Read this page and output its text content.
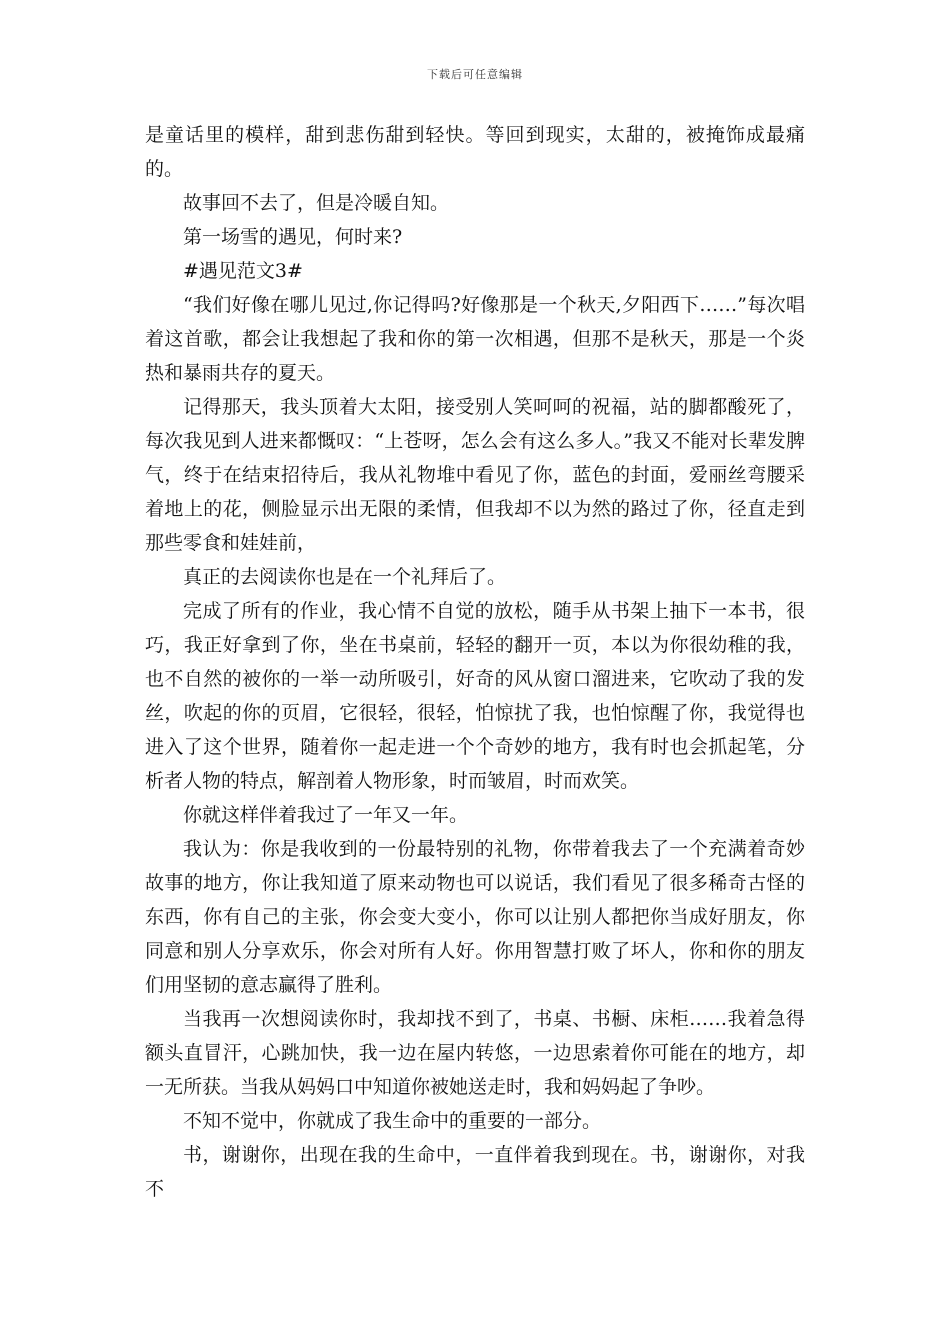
下载后可任意编辑

是童话里的模样，甜到悲伤甜到轻快。等回到现实，太甜的，被掩饰成最痛的。

故事回不去了，但是冷暖自知。

第一场雪的遇见，何时来?

#遇见范文3#

“我们好像在哪儿见过,你记得吗?好像那是一个秋天,夕阳西下……”每次唱着这首歌，都会让我想起了我和你的第一次相遇，但那不是秋天，那是一个炎热和暴雨共存的夏天。

记得那天，我头顶着大太阳，接受别人笑呵呵的祝福，站的脚都酸死了，每次我见到人进来都慨叹：“上苍呀，怎么会有这么多人。”我又不能对长辈发脾气，终于在结束招待后，我从礼物堆中看见了你，蓝色的封面，爱丽丝弯腰采着地上的花，侧脸显示出无限的柔情，但我却不以为然的路过了你，径直走到那些零食和娃娃前，

真正的去阅读你也是在一个礼拜后了。

完成了所有的作业，我心情不自觉的放松，随手从书架上抽下一本书，很巧，我正好拿到了你，坐在书桌前，轻轻的翻开一页，本以为你很幼稚的我，也不自然的被你的一举一动所吸引，好奇的风从窗口溜进来，它吹动了我的发丝，吹起的你的页眉，它很轻，很轻，怕惊扰了我，也怕惊醒了你，我觉得也进入了这个世界，随着你一起走进一个个奇妙的地方，我有时也会抓起笔，分析者人物的特点，解剖着人物形象，时而皱眉，时而欢笑。

你就这样伴着我过了一年又一年。

我认为：你是我收到的一份最特别的礼物，你带着我去了一个充满着奇妙故事的地方，你让我知道了原来动物也可以说话，我们看见了很多稀奇古怪的东西，你有自己的主张，你会变大变小，你可以让别人都把你当成好朋友，你同意和别人分享欢乐，你会对所有人好。你用智慧打败了坏人，你和你的朋友们用坚韧的意志赢得了胜利。

当我再一次想阅读你时，我却找不到了，书桌、书橱、床柜……我着急得额头直冒汗，心跳加快，我一边在屋内转悠，一边思索着你可能在的地方，却一无所获。当我从妈妈口中知道你被她送走时，我和妈妈起了争吵。

不知不觉中，你就成了我生命中的重要的一部分。

书，谢谢你，出现在我的生命中，一直伴着我到现在。书，谢谢你，对我不
